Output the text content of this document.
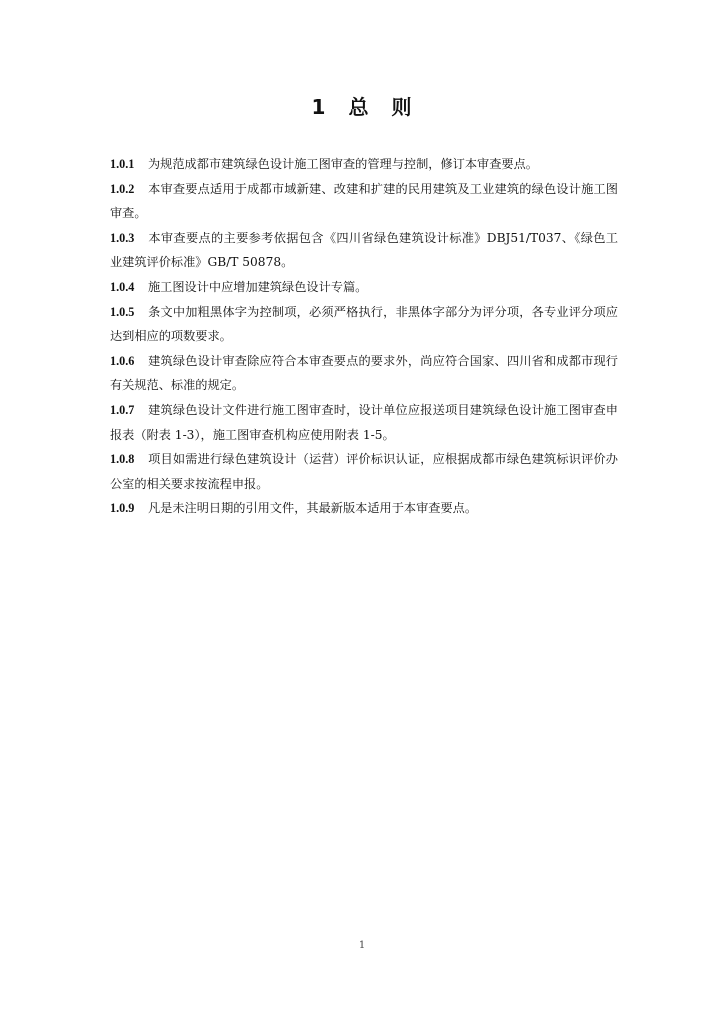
1 总 则

1.0.1 为规范成都市建筑绿色设计施工图审查的管理与控制，修订本审查要点。

1.0.2 本审查要点适用于成都市域新建、改建和扩建的民用建筑及工业建筑的绿色设计施工图审查。

1.0.3 本审查要点的主要参考依据包含《四川省绿色建筑设计标准》DBJ51/T037、《绿色工业建筑评价标准》GB/T 50878。

1.0.4 施工图设计中应增加建筑绿色设计专篇。

1.0.5 条文中加粗黑体字为控制项，必须严格执行，非黑体字部分为评分项，各专业评分项应达到相应的项数要求。

1.0.6 建筑绿色设计审查除应符合本审查要点的要求外，尚应符合国家、四川省和成都市现行有关规范、标准的规定。

1.0.7 建筑绿色设计文件进行施工图审查时，设计单位应报送项目建筑绿色设计施工图审查申报表（附表 1-3），施工图审查机构应使用附表 1-5。

1.0.8 项目如需进行绿色建筑设计（运营）评价标识认证，应根据成都市绿色建筑标识评价办公室的相关要求按流程申报。

1.0.9 凡是未注明日期的引用文件，其最新版本适用于本审查要点。

1
